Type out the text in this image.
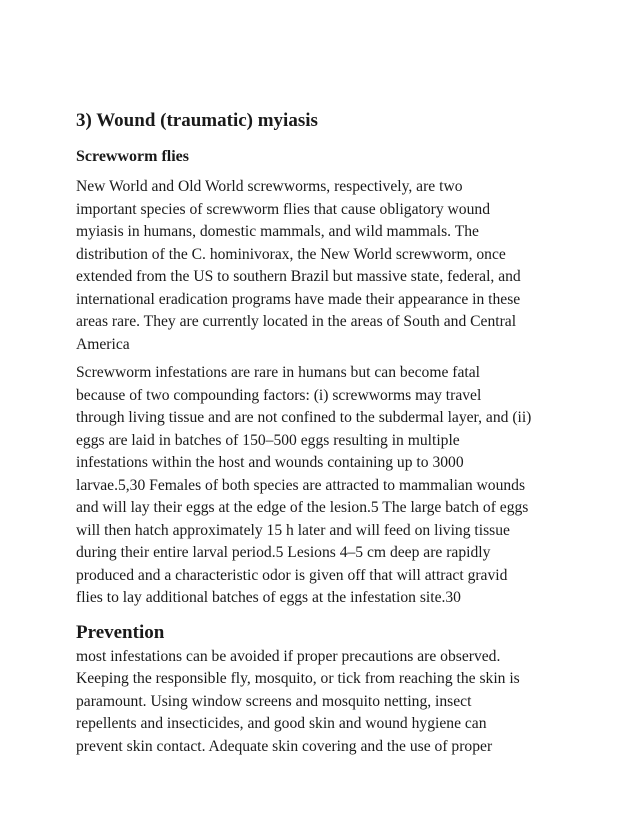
3) Wound (traumatic) myiasis
Screwworm flies

New World and Old World screwworms, respectively, are two
important species of screwworm flies that cause obligatory wound
myiasis in humans, domestic mammals, and wild mammals. The
distribution of the C. hominivorax, the New World screwworm, once
extended from the US to southern Brazil but massive state, federal, and
international eradication programs have made their appearance in these
areas rare. They are currently located in the areas of South and Central
America

Screwworm infestations are rare in humans but can become fatal
because of two compounding factors: (i) screwworms may travel
through living tissue and are not confined to the subdermal layer, and (ii)
eggs are laid in batches of 150–500 eggs resulting in multiple
infestations within the host and wounds containing up to 3000
larvae.5,30 Females of both species are attracted to mammalian wounds
and will lay their eggs at the edge of the lesion.5 The large batch of eggs
will then hatch approximately 15 h later and will feed on living tissue
during their entire larval period.5 Lesions 4–5 cm deep are rapidly
produced and a characteristic odor is given off that will attract gravid
flies to lay additional batches of eggs at the infestation site.30

Prevention

most infestations can be avoided if proper precautions are observed.
Keeping the responsible fly, mosquito, or tick from reaching the skin is
paramount. Using window screens and mosquito netting, insect
repellents and insecticides, and good skin and wound hygiene can
prevent skin contact. Adequate skin covering and the use of proper
